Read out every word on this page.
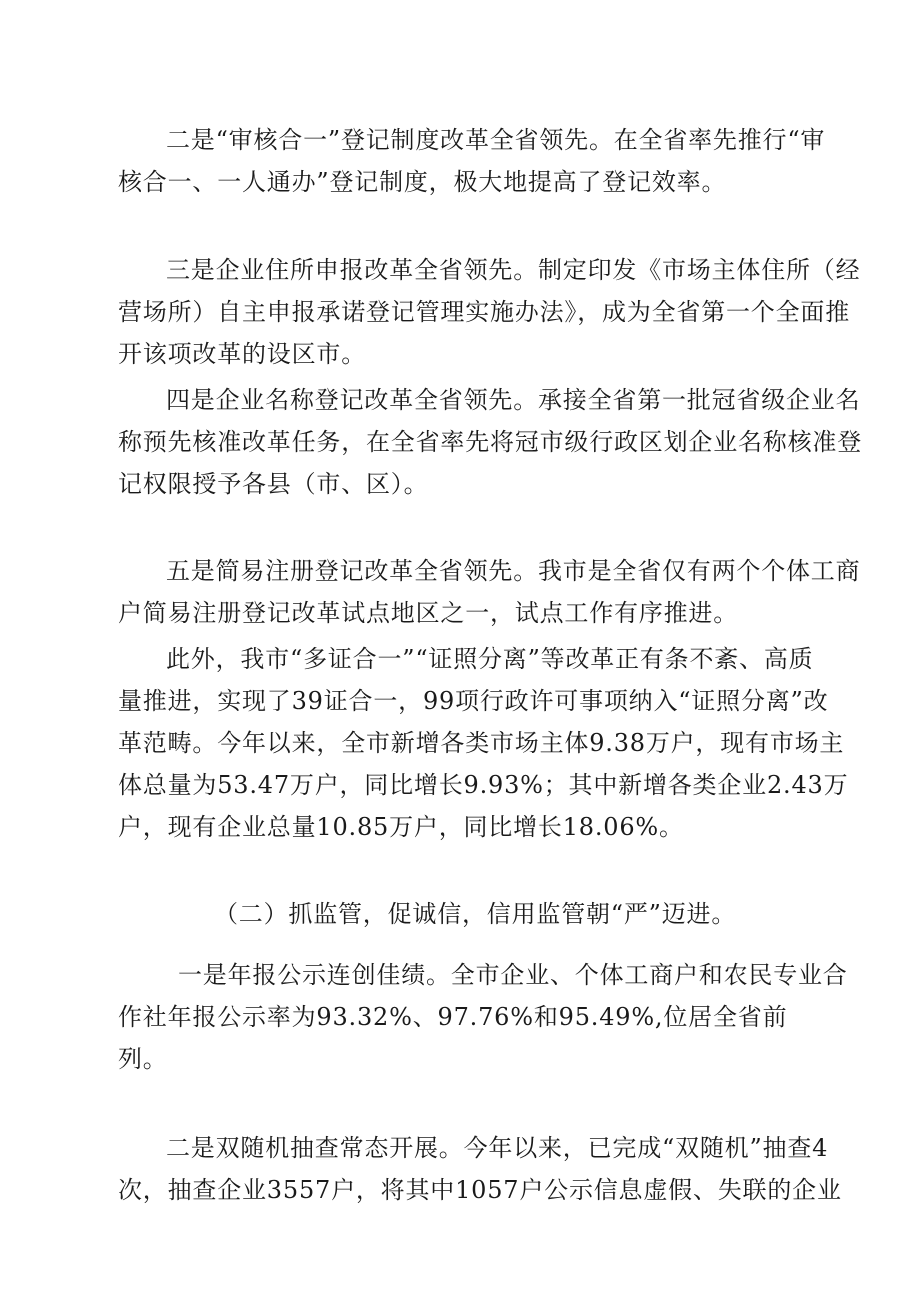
二是“审核合一”登记制度改革全省领先。在全省率先推行“审
核合一、一人通办”登记制度，极大地提高了登记效率。
三是企业住所申报改革全省领先。制定印发《市场主体住所（经
营场所）自主申报承诺登记管理实施办法》，成为全省第一个全面推
开该项改革的设区市。
四是企业名称登记改革全省领先。承接全省第一批冠省级企业名
称预先核准改革任务，在全省率先将冠市级行政区划企业名称核准登
记权限授予各县（市、区）。
五是简易注册登记改革全省领先。我市是全省仅有两个个体工商
户简易注册登记改革试点地区之一，试点工作有序推进。
此外，我市“多证合一”“证照分离”等改革正有条不紊、高质
量推进，实现了39证合一，99项行政许可事项纳入“证照分离”改
革范畴。今年以来，全市新增各类市场主体9.38万户，现有市场主
体总量为53.47万户，同比增长9.93%；其中新增各类企业2.43万
户，现有企业总量10.85万户，同比增长18.06%。
（二）抓监管，促诚信，信用监管朝“严”迈进。
一是年报公示连创佳绩。全市企业、个体工商户和农民专业合
作社年报公示率为93.32%、97.76%和95.49%,位居全省前
列。
二是双随机抽查常态开展。今年以来，已完成“双随机”抽查4
次，抽查企业3557户，将其中1057户公示信息虚假、失联的企业
